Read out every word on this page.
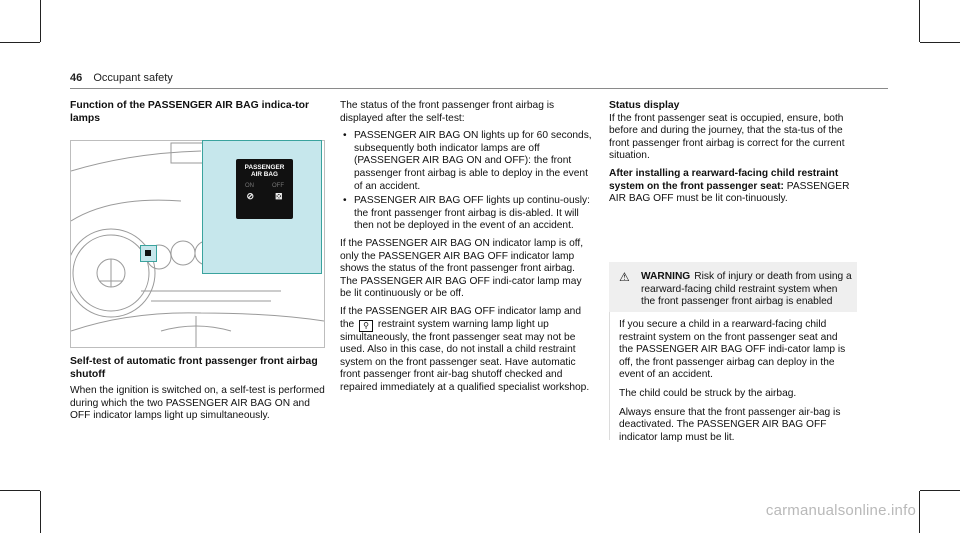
46 Occupant safety
Function of the PASSENGER AIR BAG indica-tor lamps
PASSENGER
AIR BAG
ON	OFF
⊘ ⊠
Self-test of automatic front passenger front airbag shutoff

When the ignition is switched on, a self-test is performed during which the two PASSENGER AIR BAG ON and OFF indicator lamps light up simultaneously.

The status of the front passenger front airbag is displayed after the self-test:

• PASSENGER AIR BAG ON lights up for 60 seconds, subsequently both indicator lamps are off (PASSENGER AIR BAG ON and OFF): the front passenger front airbag is able to deploy in the event of an accident.
• PASSENGER AIR BAG OFF lights up continu-ously: the front passenger front airbag is dis-abled. It will then not be deployed in the event of an accident.

If the PASSENGER AIR BAG ON indicator lamp is off, only the PASSENGER AIR BAG OFF indicator lamp shows the status of the front passenger front airbag. The PASSENGER AIR BAG OFF indi-cator lamp may be lit continuously or be off.

If the PASSENGER AIR BAG OFF indicator lamp and the ⚲ restraint system warning lamp light up simultaneously, the front passenger seat may not be used. Also in this case, do not install a child restraint system on the front passenger seat. Have automatic front passenger front air-bag shutoff checked and repaired immediately at a qualified specialist workshop.

Status display

If the front passenger seat is occupied, ensure, both before and during the journey, that the sta-tus of the front passenger front airbag is correct for the current situation.

After installing a rearward-facing child restraint system on the front passenger seat: PASSENGER AIR BAG OFF must be lit con-tinuously.

⚠ WARNING Risk of injury or death from using a rearward-facing child restraint system when the front passenger front airbag is enabled

If you secure a child in a rearward-facing child restraint system on the front passenger seat and the PASSENGER AIR BAG OFF indi-cator lamp is off, the front passenger airbag can deploy in the event of an accident.

The child could be struck by the airbag.

Always ensure that the front passenger air-bag is deactivated. The PASSENGER AIR BAG OFF indicator lamp must be lit.

carmanualsonline.info
